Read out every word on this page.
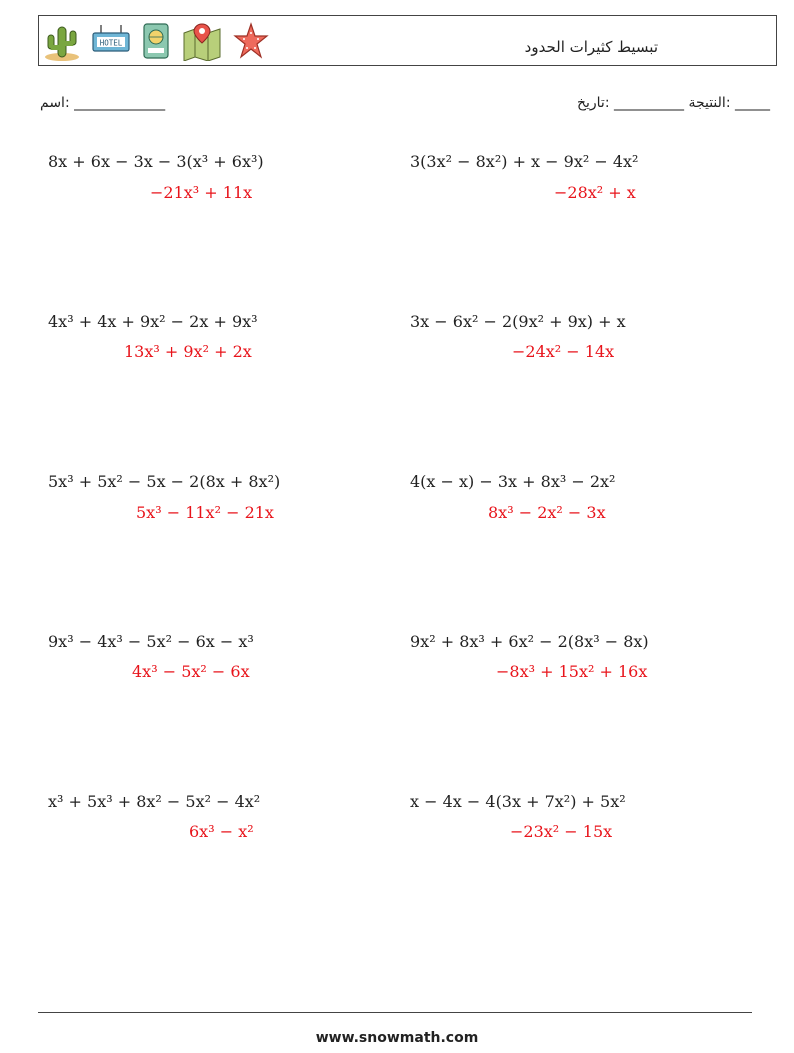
HOTEL	تبسيط كثيرات الحدود
اسم: _____________	النتيجة __________ :تاريخ: _____
8x + 6x − 3x − 3(x³ + 6x³)
−21x³ + 11x
4x³ + 4x + 9x² − 2x + 9x³
13x³ + 9x² + 2x
5x³ + 5x² − 5x − 2(8x + 8x²)
5x³ − 11x² − 21x
9x³ − 4x³ − 5x² − 6x − x³
4x³ − 5x² − 6x
x³ + 5x³ + 8x² − 5x² − 4x²
6x³ − x²
3(3x² − 8x²) + x − 9x² − 4x²
−28x² + x
3x − 6x² − 2(9x² + 9x) + x
−24x² − 14x
4(x − x) − 3x + 8x³ − 2x²
8x³ − 2x² − 3x
9x² + 8x³ + 6x² − 2(8x³ − 8x)
−8x³ + 15x² + 16x
x − 4x − 4(3x + 7x²) + 5x²
−23x² − 15x
www.snowmath.com
